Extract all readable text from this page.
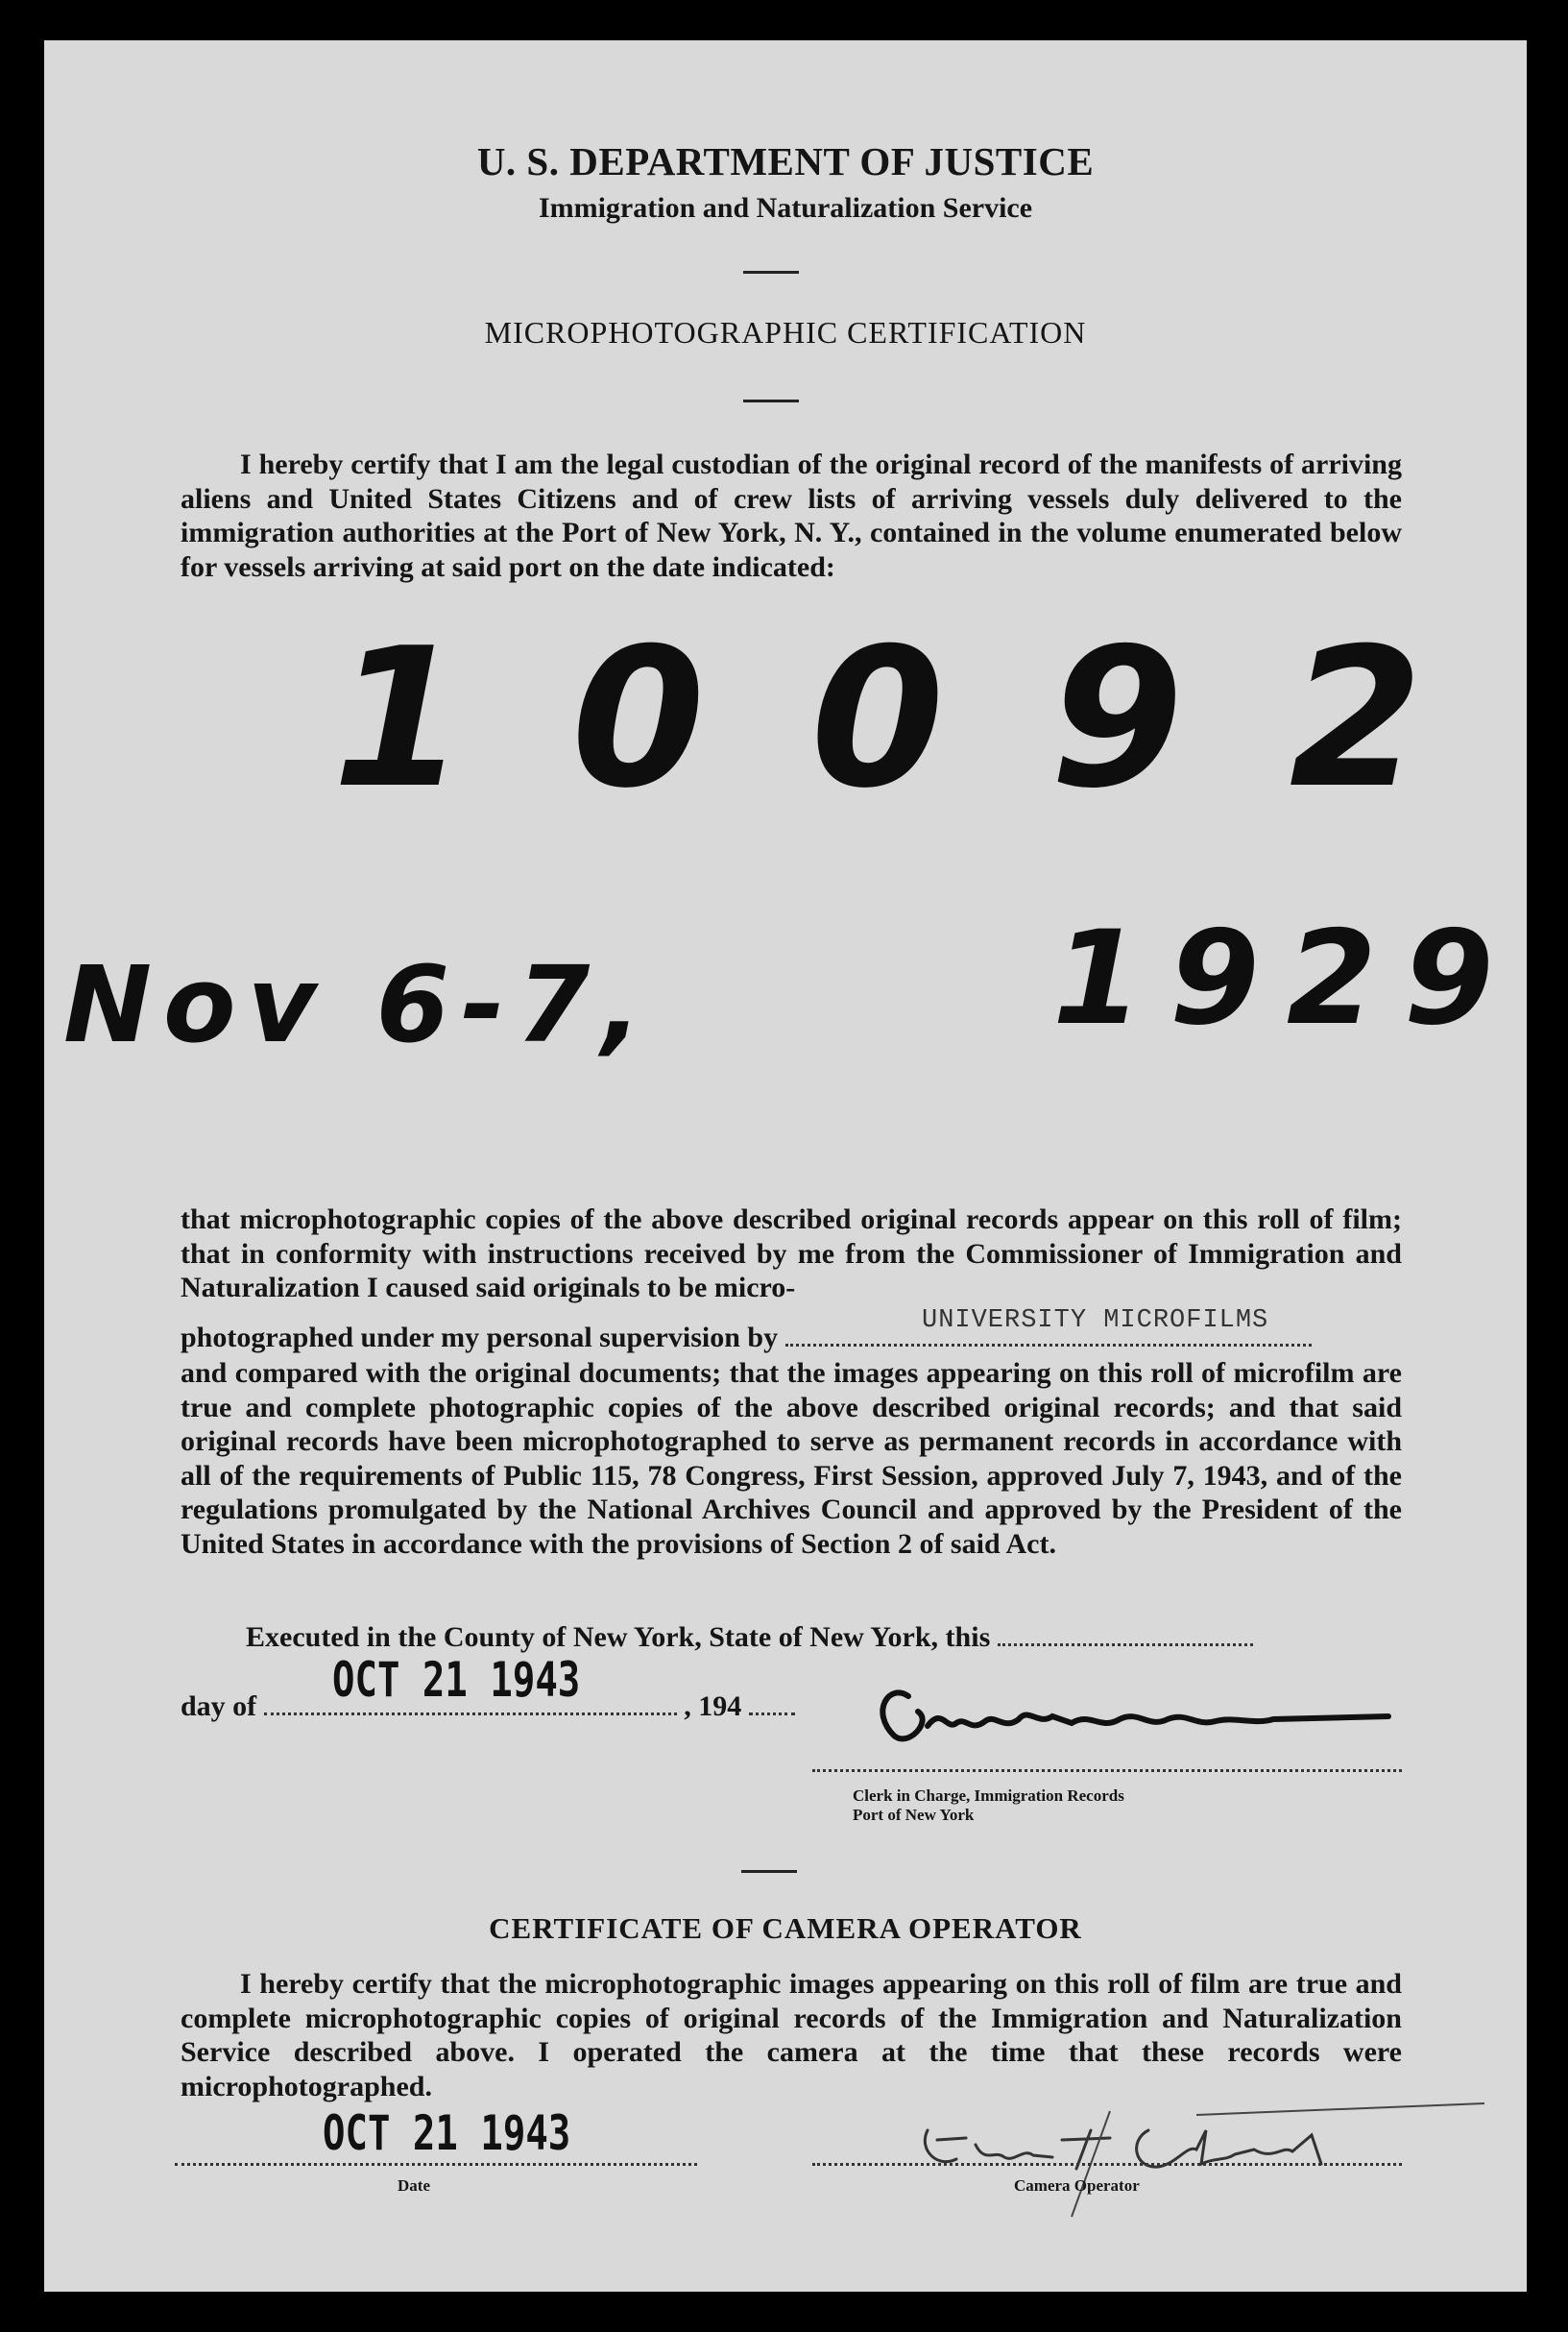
U. S. DEPARTMENT OF JUSTICE
Immigration and Naturalization Service
MICROPHOTOGRAPHIC CERTIFICATION

I hereby certify that I am the legal custodian of the original record of the manifests of arriving aliens and United States Citizens and of crew lists of arriving vessels duly delivered to the immigration authorities at the Port of New York, N. Y., contained in the volume enumerated below for vessels arriving at said port on the date indicated:

10092
Nov 6-7,	1929

that microphotographic copies of the above described original records appear on this roll of film; that in conformity with instructions received by me from the Commissioner of Immigration and Naturalization I caused said originals to be micro-

photographed under my personal supervision by
UNIVERSITY MICROFILMS

and compared with the original documents; that the images appearing on this roll of microfilm are true and complete photographic copies of the above described original records; and that said original records have been microphotographed to serve as permanent records in accordance with all of the requirements of Public 115, 78 Congress, First Session, approved July 7, 1943, and of the regulations promulgated by the National Archives Council and approved by the President of the United States in accordance with the provisions of Section 2 of said Act.

Executed in the County of New York, State of New York, this
day of	, 194
OCT 21 1943
Clerk in Charge, Immigration Records
Port of New York
CERTIFICATE OF CAMERA OPERATOR

I hereby certify that the microphotographic images appearing on this roll of film are true and complete microphotographic copies of original records of the Immigration and Naturalization Service described above. I operated the camera at the time that these records were microphotographed.

OCT 21 1943
Date	Camera Operator
